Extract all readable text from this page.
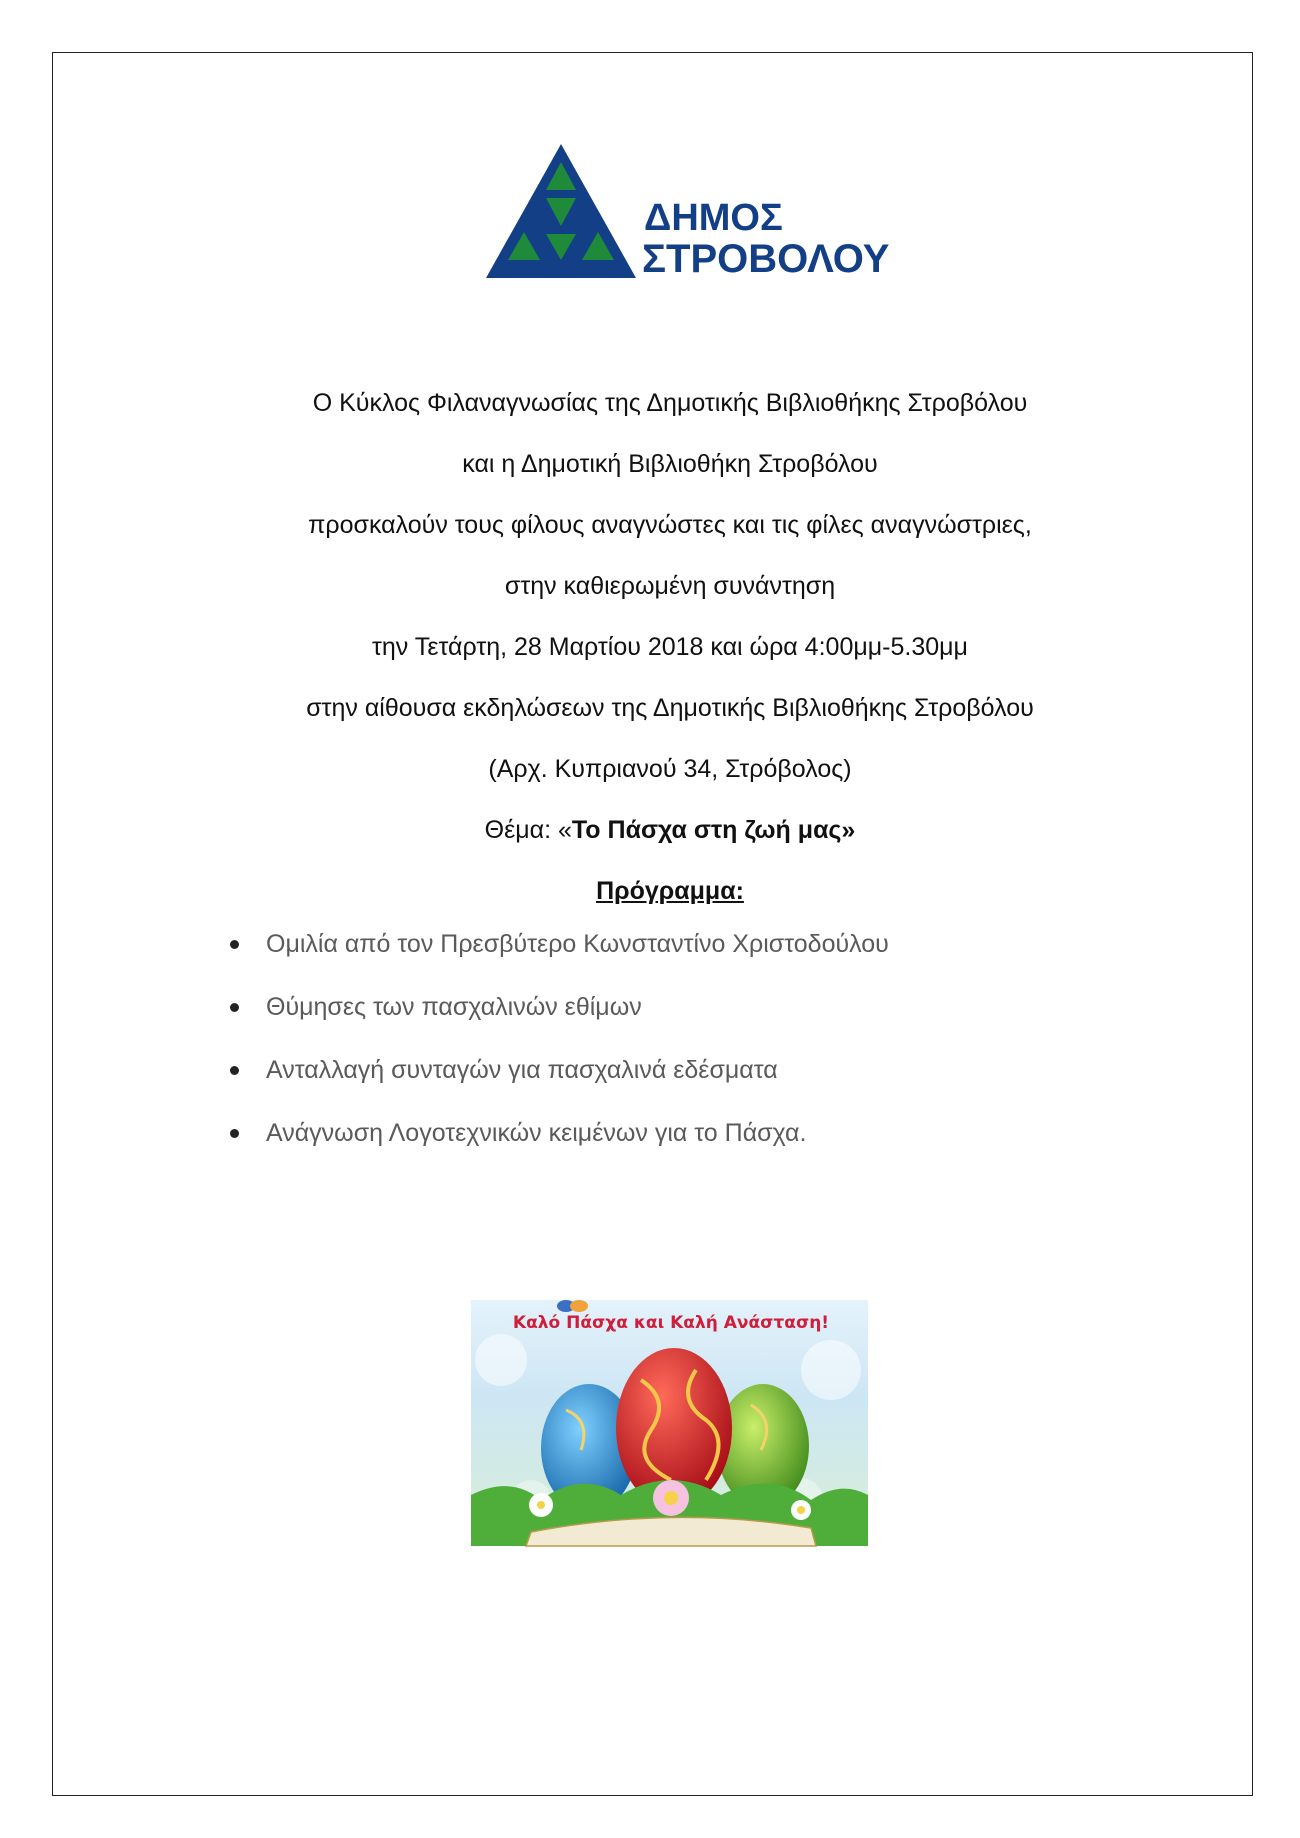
ΔΗΜΟΣ
ΣΤΡΟΒΟΛΟΥ

Ο Κύκλος Φιλαναγνωσίας της Δημοτικής Βιβλιοθήκης Στροβόλου

και η Δημοτική Βιβλιοθήκη Στροβόλου

προσκαλούν τους φίλους αναγνώστες και τις φίλες αναγνώστριες,

στην καθιερωμένη συνάντηση

την Τετάρτη, 28 Μαρτίου 2018 και ώρα 4:00μμ-5.30μμ

στην αίθουσα εκδηλώσεων της Δημοτικής Βιβλιοθήκης Στροβόλου

(Αρχ. Κυπριανού 34, Στρόβολος)

Θέμα: «Το Πάσχα στη ζωή μας»

Πρόγραμμα:

Ομιλία από τον Πρεσβύτερο Κωνσταντίνο Χριστοδούλου
Θύμησες των πασχαλινών εθίμων
Ανταλλαγή συνταγών για πασχαλινά εδέσματα
Ανάγνωση Λογοτεχνικών κειμένων για το Πάσχα.
Καλό Πάσχα και Καλή Ανάσταση!
